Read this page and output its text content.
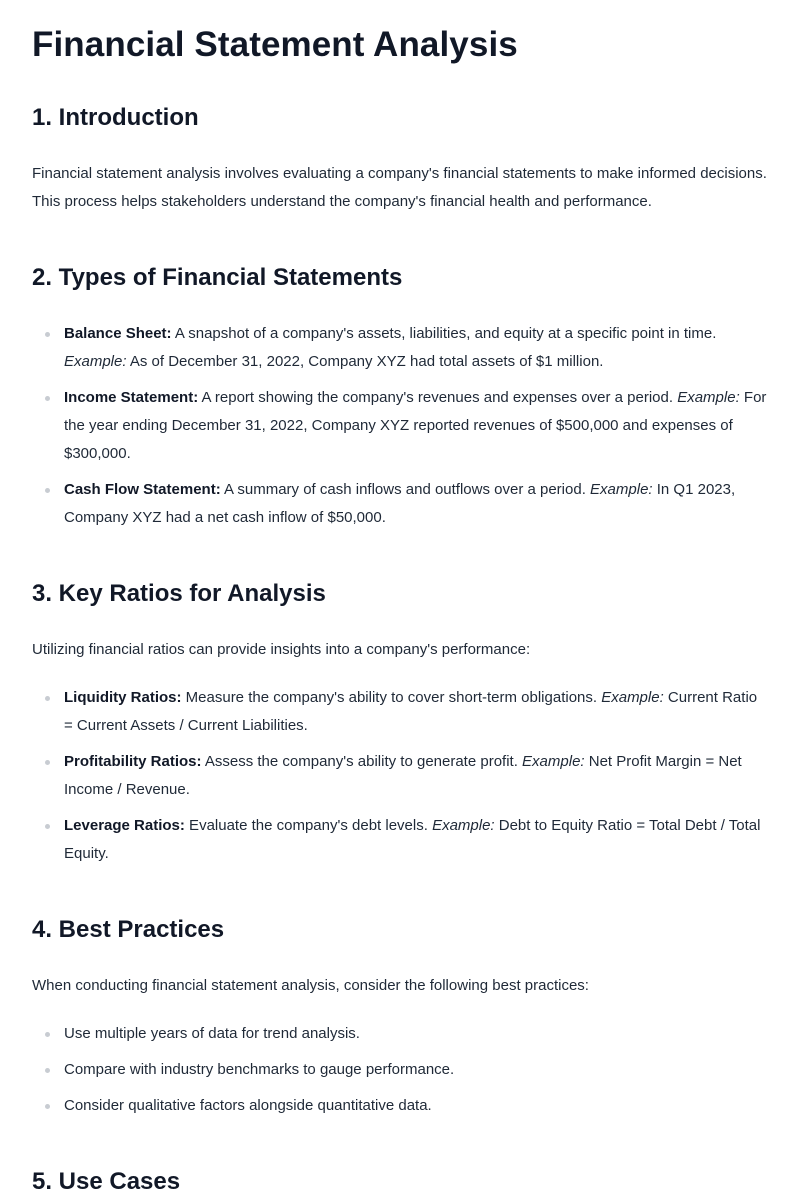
Financial Statement Analysis
1. Introduction

Financial statement analysis involves evaluating a company's financial statements to make informed decisions. This process helps stakeholders understand the company's financial health and performance.

2. Types of Financial Statements
Balance Sheet: A snapshot of a company's assets, liabilities, and equity at a specific point in time. Example: As of December 31, 2022, Company XYZ had total assets of $1 million.
Income Statement: A report showing the company's revenues and expenses over a period. Example: For the year ending December 31, 2022, Company XYZ reported revenues of $500,000 and expenses of $300,000.
Cash Flow Statement: A summary of cash inflows and outflows over a period. Example: In Q1 2023, Company XYZ had a net cash inflow of $50,000.
3. Key Ratios for Analysis

Utilizing financial ratios can provide insights into a company's performance:

Liquidity Ratios: Measure the company's ability to cover short-term obligations. Example: Current Ratio = Current Assets / Current Liabilities.
Profitability Ratios: Assess the company's ability to generate profit. Example: Net Profit Margin = Net Income / Revenue.
Leverage Ratios: Evaluate the company's debt levels. Example: Debt to Equity Ratio = Total Debt / Total Equity.
4. Best Practices

When conducting financial statement analysis, consider the following best practices:

Use multiple years of data for trend analysis.
Compare with industry benchmarks to gauge performance.
Consider qualitative factors alongside quantitative data.
5. Use Cases
